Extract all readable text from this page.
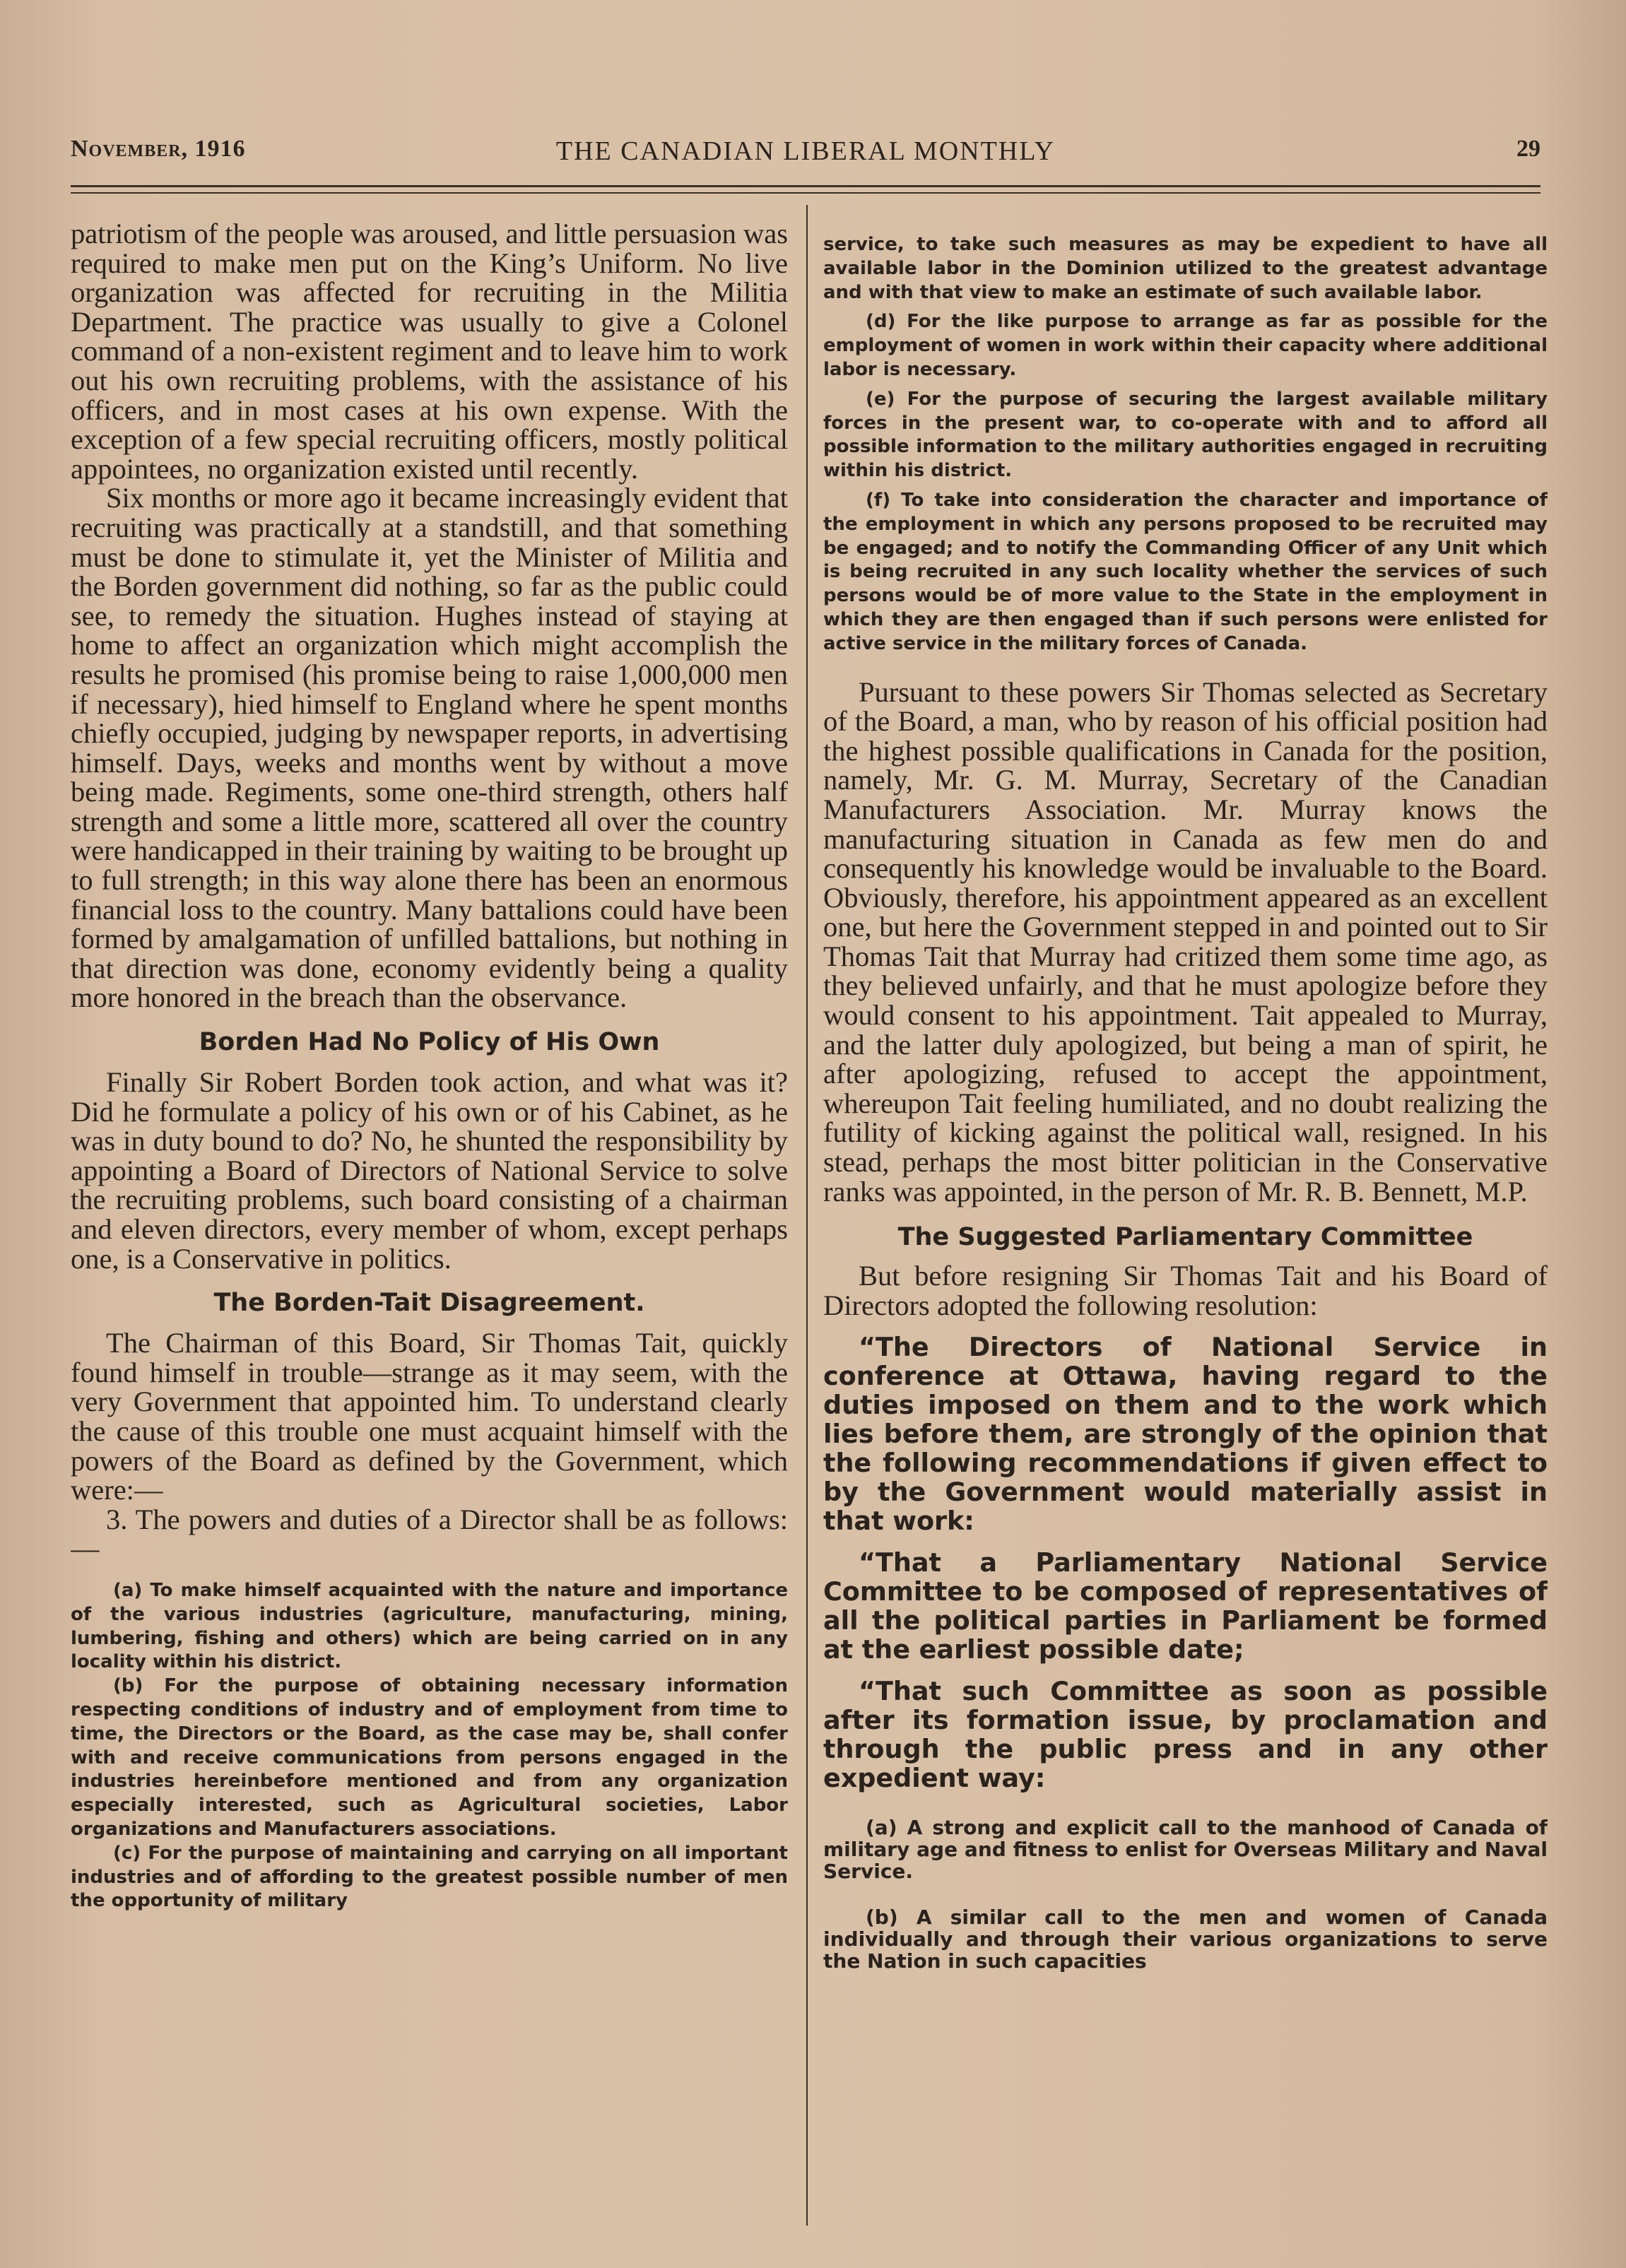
November, 1916	THE CANADIAN LIBERAL MONTHLY	29

patriotism of the people was aroused, and little persuasion was required to make men put on the King’s Uniform. No live organization was affected for recruiting in the Militia Department. The practice was usually to give a Colonel command of a non-existent regiment and to leave him to work out his own recruiting problems, with the assistance of his officers, and in most cases at his own expense. With the exception of a few special recruiting officers, mostly political appointees, no organization existed until recently.

Six months or more ago it became increasingly evident that recruiting was practically at a standstill, and that something must be done to stimulate it, yet the Minister of Militia and the Borden government did nothing, so far as the public could see, to remedy the situation. Hughes instead of staying at home to affect an organization which might accomplish the results he promised (his promise being to raise 1,000,000 men if necessary), hied himself to England where he spent months chiefly occupied, judging by newspaper reports, in advertising himself. Days, weeks and months went by without a move being made. Regiments, some one-third strength, others half strength and some a little more, scattered all over the country were handicapped in their training by waiting to be brought up to full strength; in this way alone there has been an enormous financial loss to the country. Many battalions could have been formed by amalgamation of unfilled battalions, but nothing in that direction was done, economy evidently being a quality more honored in the breach than the observance.

Borden Had No Policy of His Own

Finally Sir Robert Borden took action, and what was it? Did he formulate a policy of his own or of his Cabinet, as he was in duty bound to do? No, he shunted the responsibility by appointing a Board of Directors of National Service to solve the recruiting problems, such board consisting of a chairman and eleven directors, every member of whom, except perhaps one, is a Conservative in politics.

The Borden-Tait Disagreement.

The Chairman of this Board, Sir Thomas Tait, quickly found himself in trouble—strange as it may seem, with the very Government that appointed him. To understand clearly the cause of this trouble one must acquaint himself with the powers of the Board as defined by the Government, which were:—

3. The powers and duties of a Director shall be as follows:—

(a) To make himself acquainted with the nature and importance of the various industries (agriculture, manufacturing, mining, lumbering, fishing and others) which are being carried on in any locality within his district.

(b) For the purpose of obtaining necessary information respecting conditions of industry and of employment from time to time, the Directors or the Board, as the case may be, shall confer with and receive communications from persons engaged in the industries hereinbefore mentioned and from any organization especially interested, such as Agricultural societies, Labor organizations and Manufacturers associations.

(c) For the purpose of maintaining and carrying on all important industries and of affording to the greatest possible number of men the opportunity of military

service, to take such measures as may be expedient to have all available labor in the Dominion utilized to the greatest advantage and with that view to make an estimate of such available labor.

(d) For the like purpose to arrange as far as possible for the employment of women in work within their capacity where additional labor is necessary.

(e) For the purpose of securing the largest available military forces in the present war, to co-operate with and to afford all possible information to the military authorities engaged in recruiting within his district.

(f) To take into consideration the character and importance of the employment in which any persons proposed to be recruited may be engaged; and to notify the Commanding Officer of any Unit which is being recruited in any such locality whether the services of such persons would be of more value to the State in the employment in which they are then engaged than if such persons were enlisted for active service in the military forces of Canada.

Pursuant to these powers Sir Thomas selected as Secretary of the Board, a man, who by reason of his official position had the highest possible qualifications in Canada for the position, namely, Mr. G. M. Murray, Secretary of the Canadian Manufacturers Association. Mr. Murray knows the manufacturing situation in Canada as few men do and consequently his knowledge would be invaluable to the Board. Obviously, therefore, his appointment appeared as an excellent one, but here the Government stepped in and pointed out to Sir Thomas Tait that Murray had critized them some time ago, as they believed unfairly, and that he must apologize before they would consent to his appointment. Tait appealed to Murray, and the latter duly apologized, but being a man of spirit, he after apologizing, refused to accept the appointment, whereupon Tait feeling humiliated, and no doubt realizing the futility of kicking against the political wall, resigned. In his stead, perhaps the most bitter politician in the Conservative ranks was appointed, in the person of Mr. R. B. Bennett, M.P.

The Suggested Parliamentary Committee

But before resigning Sir Thomas Tait and his Board of Directors adopted the following resolution:

“The Directors of National Service in conference at Ottawa, having regard to the duties imposed on them and to the work which lies before them, are strongly of the opinion that the following recommendations if given effect to by the Government would materially assist in that work:

“That a Parliamentary National Service Committee to be composed of representatives of all the political parties in Parliament be formed at the earliest possible date;

“That such Committee as soon as possible after its formation issue, by proclamation and through the public press and in any other expedient way:

(a) A strong and explicit call to the manhood of Canada of military age and fitness to enlist for Overseas Military and Naval Service.

(b) A similar call to the men and women of Canada individually and through their various organizations to serve the Nation in such capacities
